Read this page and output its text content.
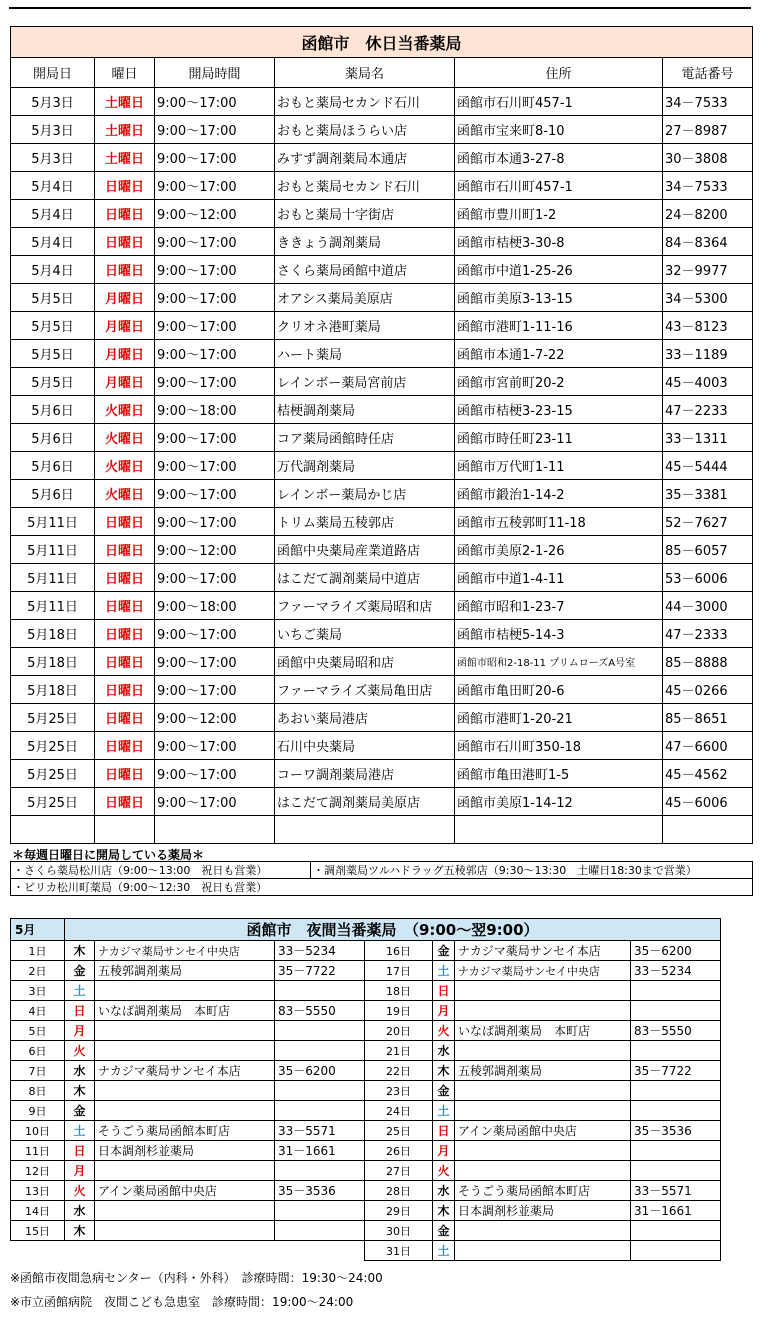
函館市　休日当番薬局					
開局日	曜日	開局時間	薬局名	住所	電話番号
5月3日	土曜日	9:00～17:00	おもと薬局セカンド石川	函館市石川町457-1	34－7533
5月3日	土曜日	9:00～17:00	おもと薬局ほうらい店	函館市宝来町8-10	27－8987
5月3日	土曜日	9:00～17:00	みすず調剤薬局本通店	函館市本通3-27-8	30－3808
5月4日	日曜日	9:00～17:00	おもと薬局セカンド石川	函館市石川町457-1	34－7533
5月4日	日曜日	9:00～12:00	おもと薬局十字街店	函館市豊川町1-2	24－8200
5月4日	日曜日	9:00～17:00	ききょう調剤薬局	函館市桔梗3-30-8	84－8364
5月4日	日曜日	9:00～17:00	さくら薬局函館中道店	函館市中道1-25-26	32－9977
5月5日	月曜日	9:00～17:00	オアシス薬局美原店	函館市美原3-13-15	34－5300
5月5日	月曜日	9:00～17:00	クリオネ港町薬局	函館市港町1-11-16	43－8123
5月5日	月曜日	9:00～17:00	ハート薬局	函館市本通1-7-22	33－1189
5月5日	月曜日	9:00～17:00	レインボー薬局宮前店	函館市宮前町20-2	45－4003
5月6日	火曜日	9:00～18:00	桔梗調剤薬局	函館市桔梗3-23-15	47－2233
5月6日	火曜日	9:00～17:00	コア薬局函館時任店	函館市時任町23-11	33－1311
5月6日	火曜日	9:00～17:00	万代調剤薬局	函館市万代町1-11	45－5444
5月6日	火曜日	9:00～17:00	レインボー薬局かじ店	函館市鍛治1-14-2	35－3381
5月11日	日曜日	9:00～17:00	トリム薬局五稜郭店	函館市五稜郭町11-18	52－7627
5月11日	日曜日	9:00～12:00	函館中央薬局産業道路店	函館市美原2-1-26	85－6057
5月11日	日曜日	9:00～17:00	はこだて調剤薬局中道店	函館市中道1-4-11	53－6006
5月11日	日曜日	9:00～18:00	ファーマライズ薬局昭和店	函館市昭和1-23-7	44－3000
5月18日	日曜日	9:00～17:00	いちご薬局	函館市桔梗5-14-3	47－2333
5月18日	日曜日	9:00～17:00	函館中央薬局昭和店	函館市昭和2-18-11 プリムローズA号室	85－8888
5月18日	日曜日	9:00～17:00	ファーマライズ薬局亀田店	函館市亀田町20-6	45－0266
5月25日	日曜日	9:00～12:00	あおい薬局港店	函館市港町1-20-21	85－8651
5月25日	日曜日	9:00～17:00	石川中央薬局	函館市石川町350-18	47－6600
5月25日	日曜日	9:00～17:00	コーワ調剤薬局港店	函館市亀田港町1-5	45－4562
5月25日	日曜日	9:00～17:00	はこだて調剤薬局美原店	函館市美原1-14-12	45－6006

＊毎週日曜日に開局している薬局＊
・さくら薬局松川店（9:00～13:00　祝日も営業）	・調剤薬局ツルハドラッグ五稜郭店（9:30～13:30　土曜日18:30まで営業）
・ピリカ松川町薬局（9:00～12:30　祝日も営業）
5月	函館市　夜間当番薬局　（9:00～翌9:00）						
1日	木	ナカジマ薬局サンセイ中央店	33－5234	16日	金	ナカジマ薬局サンセイ本店	35－6200
2日	金	五稜郭調剤薬局	35－7722	17日	土	ナカジマ薬局サンセイ中央店	33－5234
3日	土			18日	日		
4日	日	いなば調剤薬局　本町店	83－5550	19日	月		
5日	月			20日	火	いなば調剤薬局　本町店	83－5550
6日	火			21日	水		
7日	水	ナカジマ薬局サンセイ本店	35－6200	22日	木	五稜郭調剤薬局	35－7722
8日	木			23日	金		
9日	金			24日	土		
10日	土	そうごう薬局函館本町店	33－5571	25日	日	アイン薬局函館中央店	35－3536
11日	日	日本調剤杉並薬局	31－1661	26日	月		
12日	月			27日	火		
13日	火	アイン薬局函館中央店	35－3536	28日	水	そうごう薬局函館本町店	33－5571
14日	水			29日	木	日本調剤杉並薬局	31－1661
15日	木			30日	金		
				31日	土		
※函館市夜間急病センター（内科・外科）　診療時間：19:30～24:00
※市立函館病院　夜間こども急患室　診療時間：19:00～24:00
